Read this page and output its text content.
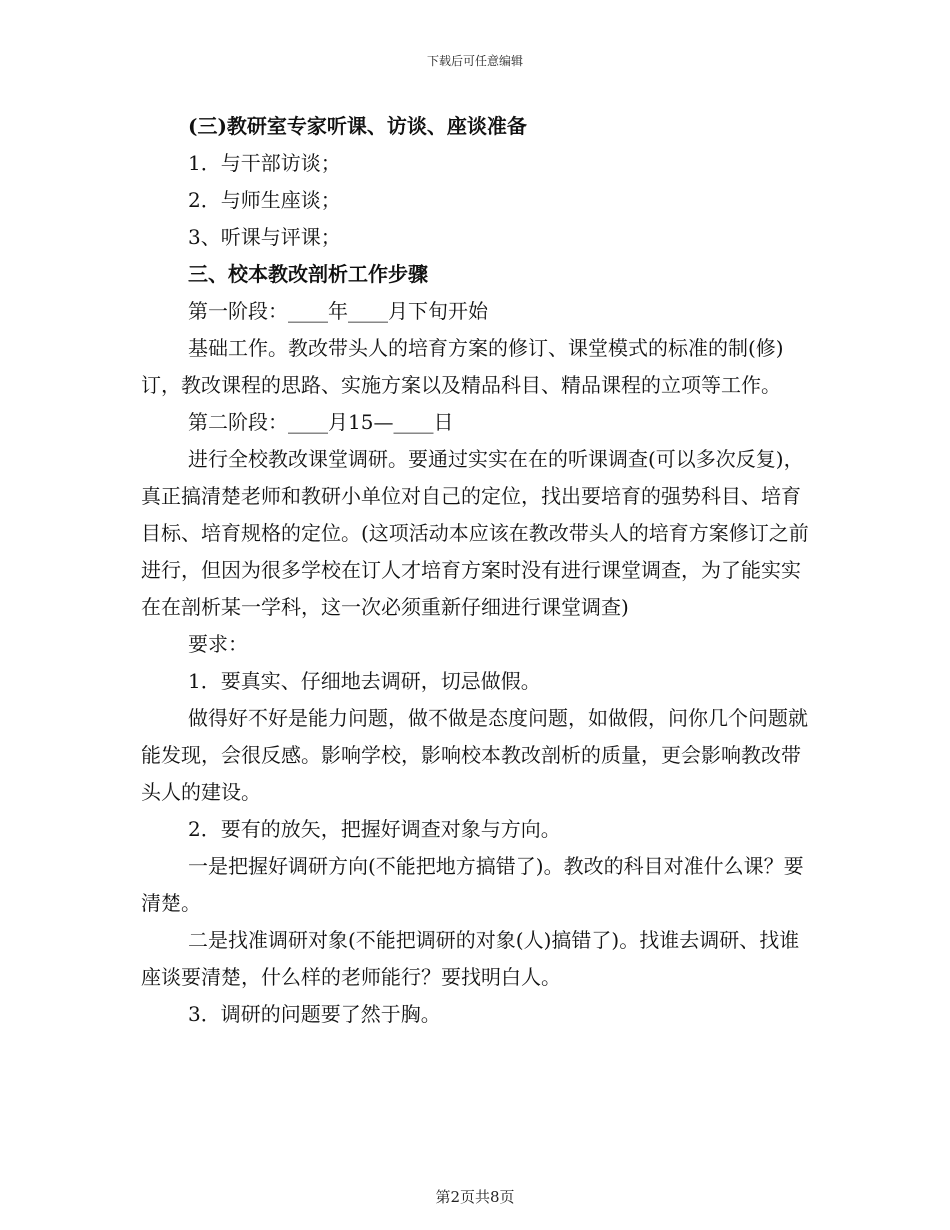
下载后可任意编辑

(三)教研室专家听课、访谈、座谈准备

1．与干部访谈；

2．与师生座谈；

3、听课与评课；

三、校本教改剖析工作步骤

第一阶段：____年____月下旬开始

基础工作。教改带头人的培育方案的修订、课堂模式的标准的制(修)订，教改课程的思路、实施方案以及精品科目、精品课程的立项等工作。

第二阶段：____月15—____日

进行全校教改课堂调研。要通过实实在在的听课调查(可以多次反复)，真正搞清楚老师和教研小单位对自己的定位，找出要培育的强势科目、培育目标、培育规格的定位。(这项活动本应该在教改带头人的培育方案修订之前进行，但因为很多学校在订人才培育方案时没有进行课堂调查，为了能实实在在剖析某一学科，这一次必须重新仔细进行课堂调查)

要求：

1．要真实、仔细地去调研，切忌做假。

做得好不好是能力问题，做不做是态度问题，如做假，问你几个问题就能发现，会很反感。影响学校，影响校本教改剖析的质量，更会影响教改带头人的建设。

2．要有的放矢，把握好调查对象与方向。

一是把握好调研方向(不能把地方搞错了)。教改的科目对准什么课？要清楚。

二是找准调研对象(不能把调研的对象(人)搞错了)。找谁去调研、找谁座谈要清楚，什么样的老师能行？要找明白人。

3．调研的问题要了然于胸。

第2页共8页
